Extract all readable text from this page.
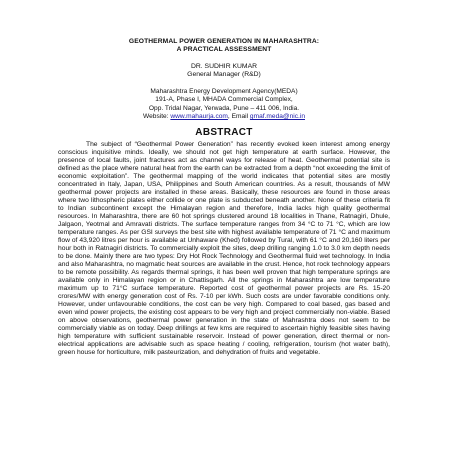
GEOTHERMAL POWER GENERATION IN MAHARASHTRA:
A PRACTICAL ASSESSMENT
DR. SUDHIR KUMAR
General Manager (R&D)
Maharashtra Energy Development Agency(MEDA)
191-A, Phase I, MHADA Commercial Complex,
Opp. Tridal Nagar, Yerwada, Pune – 411 006, India.
Website: www.mahaurja.com, Email gmaf.meda@nic.in
ABSTRACT

The subject of “Geothermal Power Generation” has recently evoked keen interest among energy conscious inquisitive minds. Ideally, we should not get high temperature at earth surface. However, the presence of local faults, joint fractures act as channel ways for release of heat. Geothermal potential site is defined as the place where natural heat from the earth can be extracted from a depth “not exceeding the limit of economic exploitation”. The geothermal mapping of the world indicates that potential sites are mostly concentrated in Italy, Japan, USA, Philippines and South American countries. As a result, thousands of MW geothermal power projects are installed in these areas. Basically, these resources are found in those areas where two lithospheric plates either collide or one plate is subducted beneath another. None of these criteria fit to Indian subcontinent except the Himalayan region and therefore, India lacks high quality geothermal resources. In Maharashtra, there are 60 hot springs clustered around 18 localities in Thane, Ratnagiri, Dhule, Jalgaon, Yeotmal and Amravati districts. The surface temperature ranges from 34 °C to 71 °C, which are low temperature ranges. As per GSI surveys the best site with highest available temperature of 71 °C and maximum flow of 43,920 litres per hour is available at Unhaware (Khed) followed by Tural, with 61 °C and 20,160 liters per hour both in Ratnagiri districts. To commercially exploit the sites, deep drilling ranging 1.0 to 3.0 km depth needs to be done. Mainly there are two types: Dry Hot Rock Technology and Geothermal fluid wet technology. In India and also Maharashtra, no magmatic heat sources are available in the crust. Hence, hot rock technology appears to be remote possibility. As regards thermal springs, it has been well proven that high temperature springs are available only in Himalayan region or in Chattisgarh. All the springs in Maharashtra are low temperature maximum up to 71°C surface temperature. Reported cost of geothermal power projects are Rs. 15-20 crores/MW with energy generation cost of Rs. 7-10 per kWh. Such costs are under favorable conditions only. However, under unfavourable conditions, the cost can be very high. Compared to coal based, gas based and even wind power projects, the existing cost appears to be very high and project commercially non-viable. Based on above observations, geothermal power generation in the state of Mahrashtra does not seem to be commercially viable as on today. Deep drillings at few kms are required to ascertain highly feasible sites having high temperature with sufficient sustainable reservoir. Instead of power generation, direct thermal or non-electrical applications are advisable such as space heating / cooling, refrigeration, tourism (hot water bath), green house for horticulture, milk pasteurization, and dehydration of fruits and vegetable.
